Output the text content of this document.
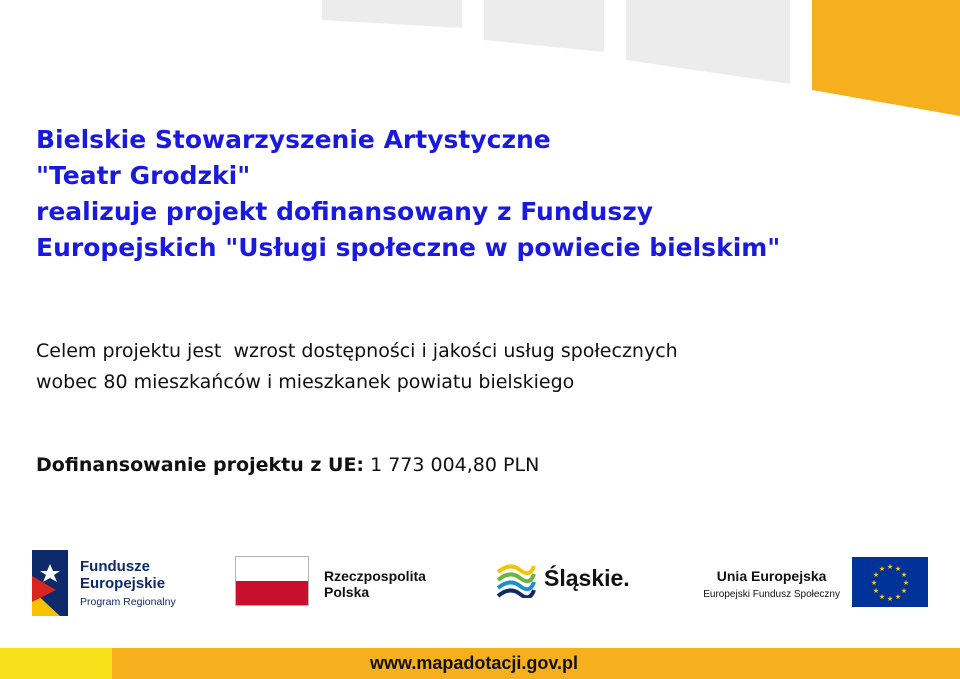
Bielskie Stowarzyszenie Artystyczne
"Teatr Grodzki"
realizuje projekt dofinansowany z Funduszy
Europejskich "Usługi społeczne w powiecie bielskim"
Celem projektu jest  wzrost dostępności i jakości usług społecznych
wobec 80 mieszkańców i mieszkanek powiatu bielskiego
Dofinansowanie projektu z UE: 1 773 004,80 PLN
Fundusze
Europejskie
Program Regionalny
Rzeczpospolita
Polska
Śląskie.	Unia Europejska
Europejski Fundusz Społeczny
★ ★
★
★
★
★
★
★
★
★
★
★
www.mapadotacji.gov.pl
